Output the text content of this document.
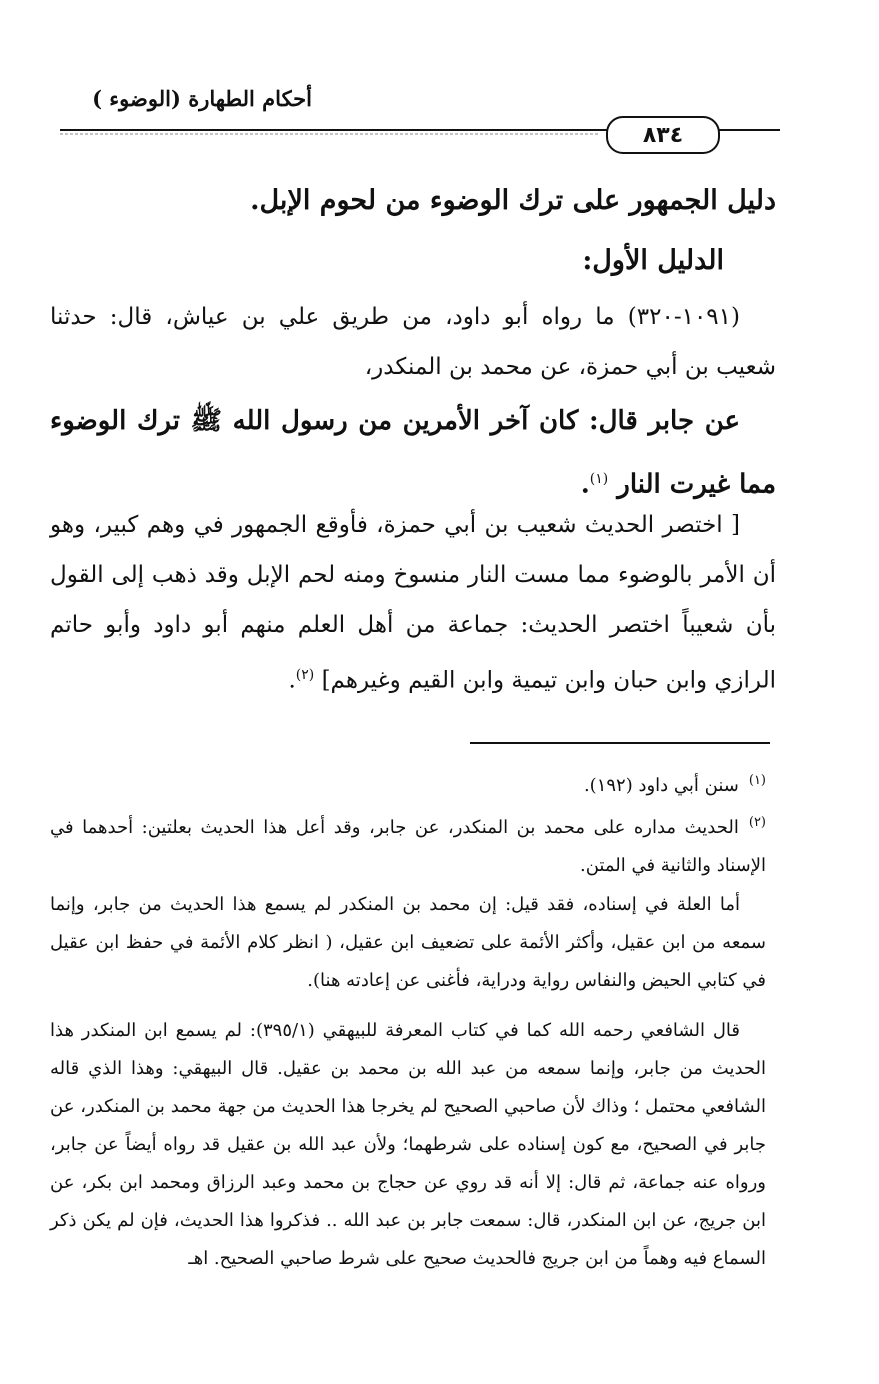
أحكام الطهارة (الوضوء )
٨٣٤
دليل الجمهور على ترك الوضوء من لحوم الإبل.
الدليل الأول:
(١٠٩١-٣٢٠) ما رواه أبو داود، من طريق علي بن عياش، قال: حدثنا شعيب بن أبي حمزة، عن محمد بن المنكدر،
عن جابر قال: كان آخر الأمرين من رسول الله ﷺ ترك الوضوء مما غيرت النار $^{(١)}$.
[ اختصر الحديث شعيب بن أبي حمزة، فأوقع الجمهور في وهم كبير، وهو أن الأمر بالوضوء مما مست النار منسوخ ومنه لحم الإبل وقد ذهب إلى القول بأن شعيباً اختصر الحديث: جماعة من أهل العلم منهم أبو داود وأبو حاتم الرازي وابن حبان وابن تيمية وابن القيم وغيرهم] $^{(٢)}$.
$^{(١)}$سنن أبي داود (١٩٢).
$^{(٢)}$الحديث مداره على محمد بن المنكدر، عن جابر، وقد أعل هذا الحديث بعلتين: أحدهما في الإسناد والثانية في المتن.
أما العلة في إسناده، فقد قيل: إن محمد بن المنكدر لم يسمع هذا الحديث من جابر، وإنما سمعه من ابن عقيل، وأكثر الأئمة على تضعيف ابن عقيل، ( انظر كلام الأئمة في حفظ ابن عقيل في كتابي الحيض والنفاس رواية ودراية، فأغنى عن إعادته هنا).
قال الشافعي رحمه الله كما في كتاب المعرفة للبيهقي (٣٩٥/١): لم يسمع ابن المنكدر هذا الحديث من جابر، وإنما سمعه من عبد الله بن محمد بن عقيل. قال البيهقي: وهذا الذي قاله الشافعي محتمل ؛ وذاك لأن صاحبي الصحيح لم يخرجا هذا الحديث من جهة محمد بن المنكدر، عن جابر في الصحيح، مع كون إسناده على شرطهما؛ ولأن عبد الله بن عقيل قد رواه أيضاً عن جابر، ورواه عنه جماعة، ثم قال: إلا أنه قد روي عن حجاج بن محمد وعبد الرزاق ومحمد ابن بكر، عن ابن جريج، عن ابن المنكدر، قال: سمعت جابر بن عبد الله .. فذكروا هذا الحديث، فإن لم يكن ذكر السماع فيه وهماً من ابن جريج فالحديث صحيح على شرط صاحبي الصحيح. اهـ
